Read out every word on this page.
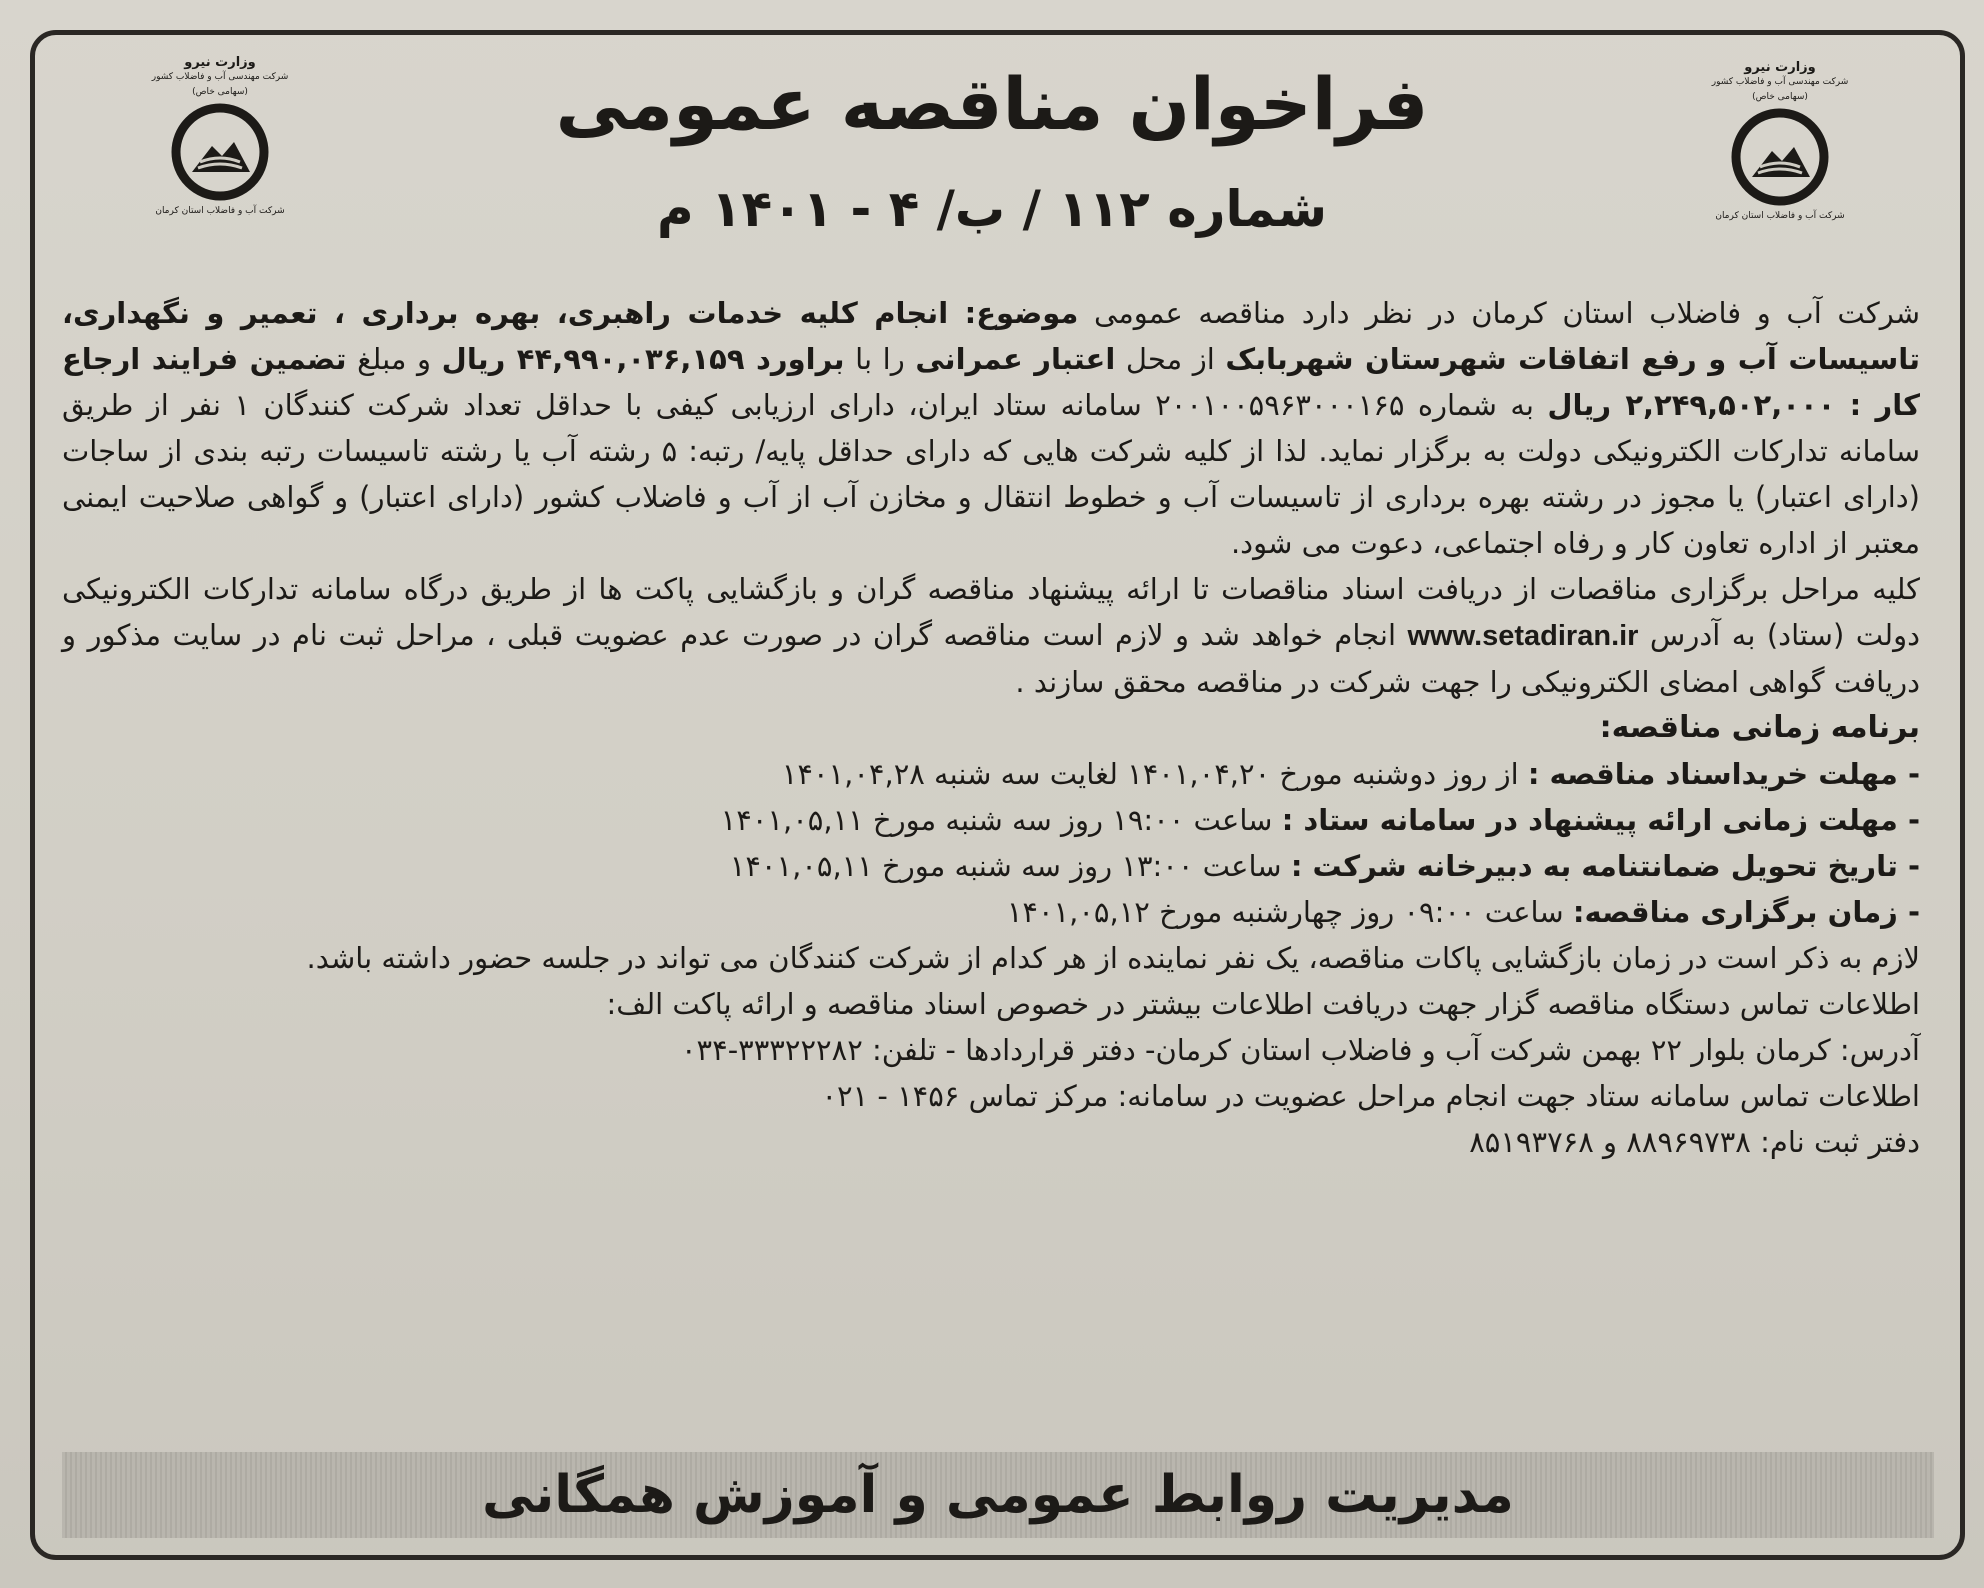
وزارت نیرو
شرکت مهندسی آب و فاضلاب کشور
(سهامی خاص)
شرکت آب و فاضلاب استان کرمان
وزارت نیرو
شرکت مهندسی آب و فاضلاب کشور
(سهامی خاص)
شرکت آب و فاضلاب استان کرمان
فراخوان مناقصه عمومی
شماره ۱۱۲ / ب/ ۴ - ۱۴۰۱ م

شرکت آب و فاضلاب استان کرمان در نظر دارد مناقصه عمومی موضوع: انجام کلیه خدمات راهبری، بهره برداری ، تعمیر و نگهداری، تاسیسات آب و رفع اتفاقات شهرستان شهربابک از محل اعتبار عمرانی را با براورد ۴۴,۹۹۰,۰۳۶,۱۵۹ ریال و مبلغ تضمین فرایند ارجاع کار : ۲,۲۴۹,۵۰۲,۰۰۰ ریال به شماره ۲۰۰۱۰۰۵۹۶۳۰۰۰۱۶۵ سامانه ستاد ایران، دارای ارزیابی کیفی با حداقل تعداد شرکت کنندگان ۱ نفر از طریق سامانه تدارکات الکترونیکی دولت به برگزار نماید. لذا از کلیه شرکت هایی که دارای حداقل پایه/ رتبه: ۵ رشته آب یا رشته تاسیسات رتبه بندی از ساجات (دارای اعتبار) یا مجوز در رشته بهره برداری از تاسیسات آب و خطوط انتقال و مخازن آب از آب و فاضلاب کشور (دارای اعتبار) و گواهی صلاحیت ایمنی معتبر از اداره تعاون کار و رفاه اجتماعی، دعوت می شود.

کلیه مراحل برگزاری مناقصات از دریافت اسناد مناقصات تا ارائه پیشنهاد مناقصه گران و بازگشایی پاکت ها از طریق درگاه سامانه تدارکات الکترونیکی دولت (ستاد) به آدرس www.setadiran.ir انجام خواهد شد و لازم است مناقصه گران در صورت عدم عضویت قبلی ، مراحل ثبت نام در سایت مذکور و دریافت گواهی امضای الکترونیکی را جهت شرکت در مناقصه محقق سازند .

برنامه زمانی مناقصه:

- مهلت خریداسناد مناقصه : از روز دوشنبه مورخ ۱۴۰۱,۰۴,۲۰ لغایت سه شنبه ۱۴۰۱,۰۴,۲۸

- مهلت زمانی ارائه پیشنهاد در سامانه ستاد : ساعت ۱۹:۰۰ روز سه شنبه مورخ ۱۴۰۱,۰۵,۱۱

- تاریخ تحویل ضمانتنامه به دبیرخانه شرکت : ساعت ۱۳:۰۰ روز سه شنبه مورخ ۱۴۰۱,۰۵,۱۱

- زمان برگزاری مناقصه: ساعت ۰۹:۰۰ روز چهارشنبه مورخ ۱۴۰۱,۰۵,۱۲

لازم به ذکر است در زمان بازگشایی پاکات مناقصه، یک نفر نماینده از هر کدام از شرکت کنندگان می تواند در جلسه حضور داشته باشد.

اطلاعات تماس دستگاه مناقصه گزار جهت دریافت اطلاعات بیشتر در خصوص اسناد مناقصه و ارائه پاکت الف:

آدرس: کرمان بلوار ۲۲ بهمن شرکت آب و فاضلاب استان کرمان- دفتر قراردادها - تلفن: ۳۳۳۲۲۲۸۲-۰۳۴

اطلاعات تماس سامانه ستاد جهت انجام مراحل عضویت در سامانه: مرکز تماس ۱۴۵۶ - ۰۲۱

دفتر ثبت نام: ۸۸۹۶۹۷۳۸ و ۸۵۱۹۳۷۶۸

مدیریت روابط عمومی و آموزش همگانی
